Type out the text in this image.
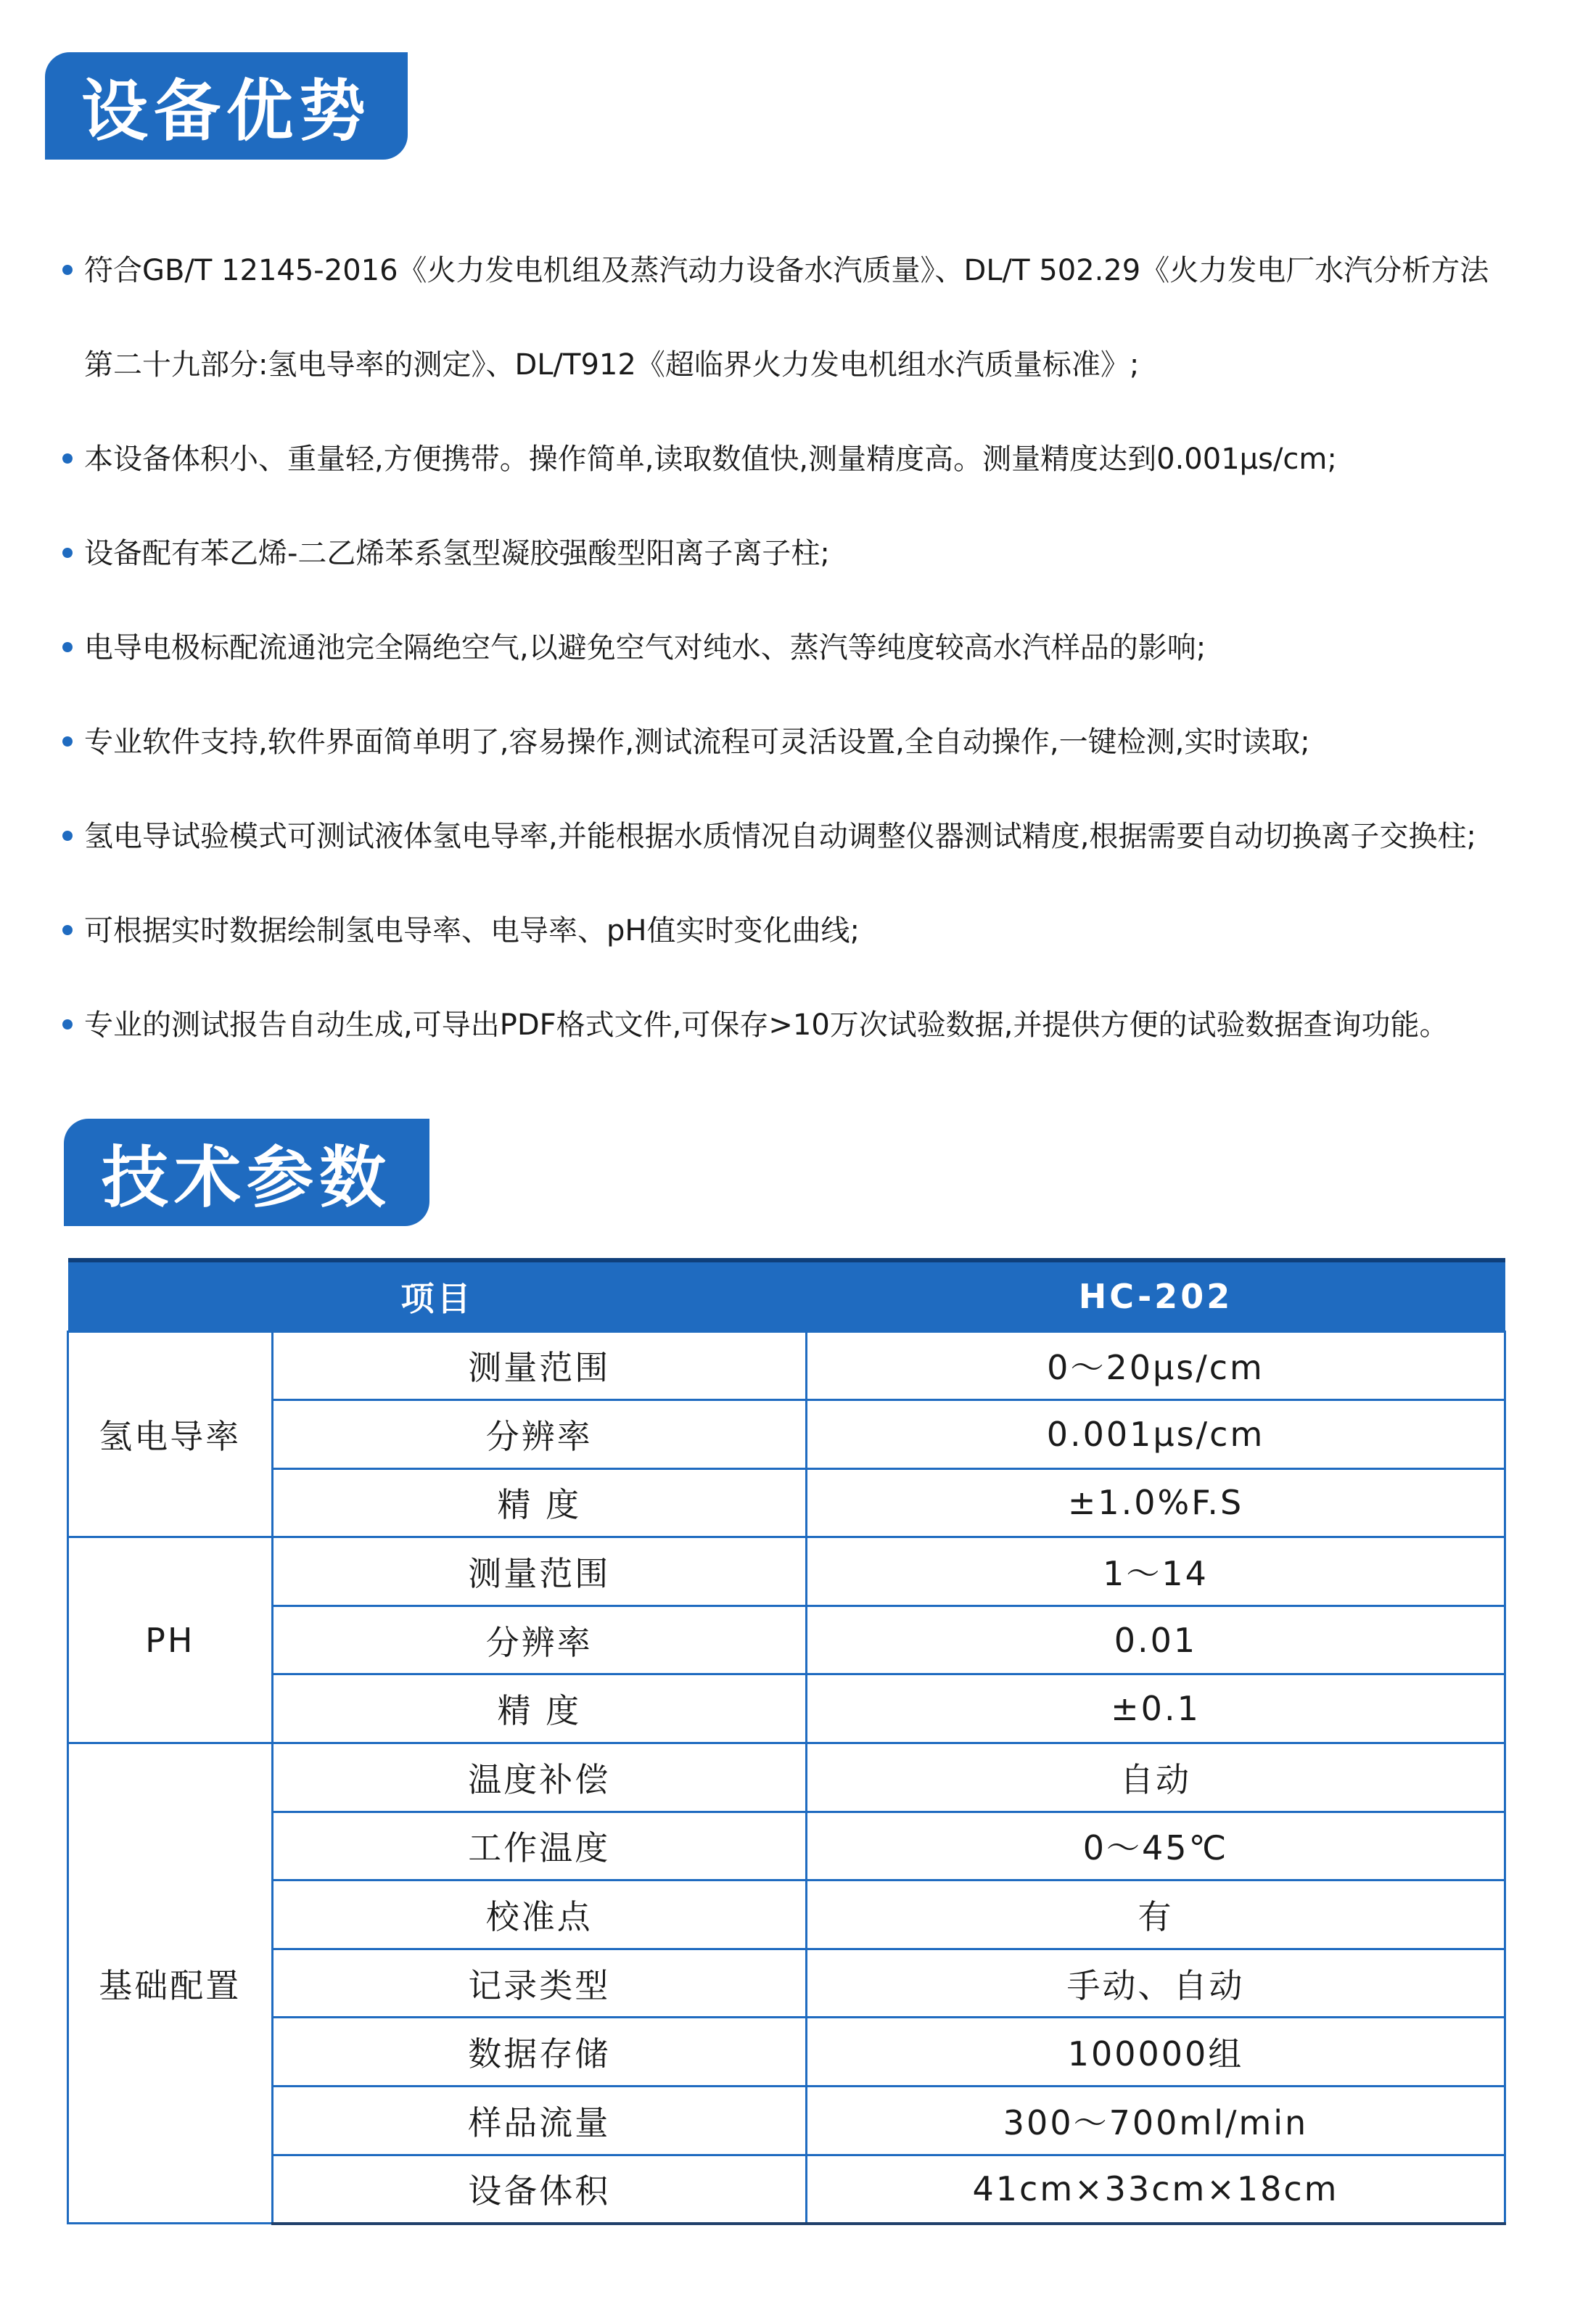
设备优势
符合GB/T 12145-2016《火力发电机组及蒸汽动力设备水汽质量》、DL/T 502.29《火力发电厂水汽分析方法
第二十九部分:氢电导率的测定》、DL/T912《超临界火力发电机组水汽质量标准》;
本设备体积小、重量轻,方便携带。操作简单,读取数值快,测量精度高。测量精度达到0.001μs/cm;
设备配有苯乙烯-二乙烯苯系氢型凝胶强酸型阳离子离子柱;
电导电极标配流通池完全隔绝空气,以避免空气对纯水、蒸汽等纯度较高水汽样品的影响;
专业软件支持,软件界面简单明了,容易操作,测试流程可灵活设置,全自动操作,一键检测,实时读取;
氢电导试验模式可测试液体氢电导率,并能根据水质情况自动调整仪器测试精度,根据需要自动切换离子交换柱;
可根据实时数据绘制氢电导率、电导率、pH值实时变化曲线;
专业的测试报告自动生成,可导出PDF格式文件,可保存>10万次试验数据,并提供方便的试验数据查询功能。
技术参数
项目		HC-202
氢电导率	测量范围	0～20μs/cm
	分辨率	0.001μs/cm
	精 度	±1.0%F.S
PH	测量范围	1～14
	分辨率	0.01
	精 度	±0.1
基础配置	温度补偿	自动
	工作温度	0～45℃
	校准点	有
	记录类型	手动、自动
	数据存储	100000组
	样品流量	300～700ml/min
	设备体积	41cm×33cm×18cm
